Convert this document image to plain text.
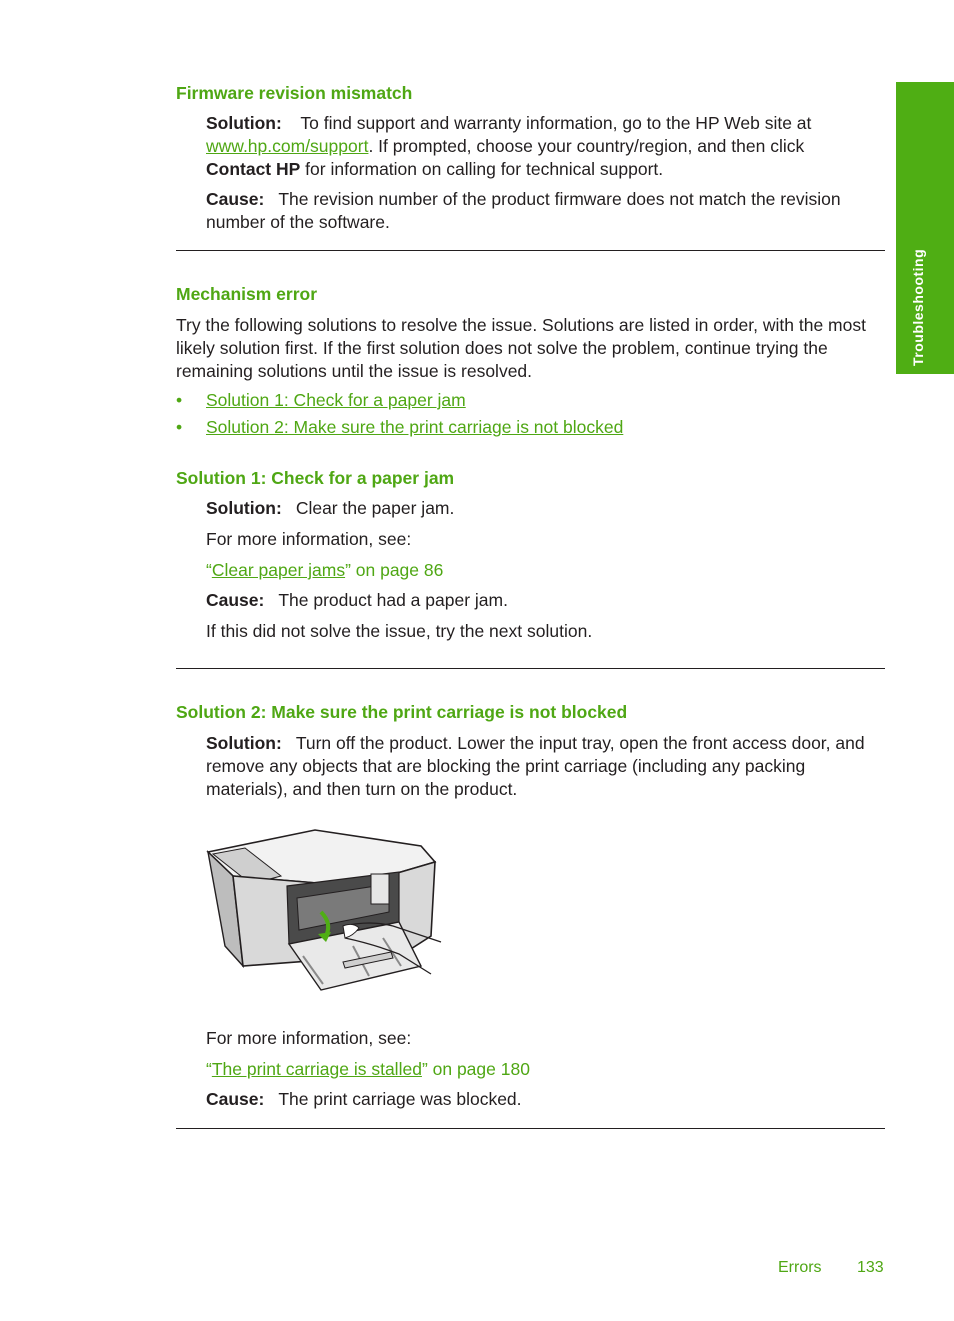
Troubleshooting
Firmware revision mismatch

Solution: To find support and warranty information, go to the HP Web site at
www.hp.com/support. If prompted, choose your country/region, and then click
Contact HP for information on calling for technical support.

Cause: The revision number of the product firmware does not match the revision number of the software.

Mechanism error

Try the following solutions to resolve the issue. Solutions are listed in order, with the most likely solution first. If the first solution does not solve the problem, continue trying the remaining solutions until the issue is resolved.

• Solution 1: Check for a paper jam
• Solution 2: Make sure the print carriage is not blocked
Solution 1: Check for a paper jam

Solution: Clear the paper jam.

For more information, see:

“Clear paper jams” on page 86

Cause: The product had a paper jam.

If this did not solve the issue, try the next solution.

Solution 2: Make sure the print carriage is not blocked

Solution: Turn off the product. Lower the input tray, open the front access door, and remove any objects that are blocking the print carriage (including any packing materials), and then turn on the product.

For more information, see:

“The print carriage is stalled” on page 180

Cause: The print carriage was blocked.

Errors 133
